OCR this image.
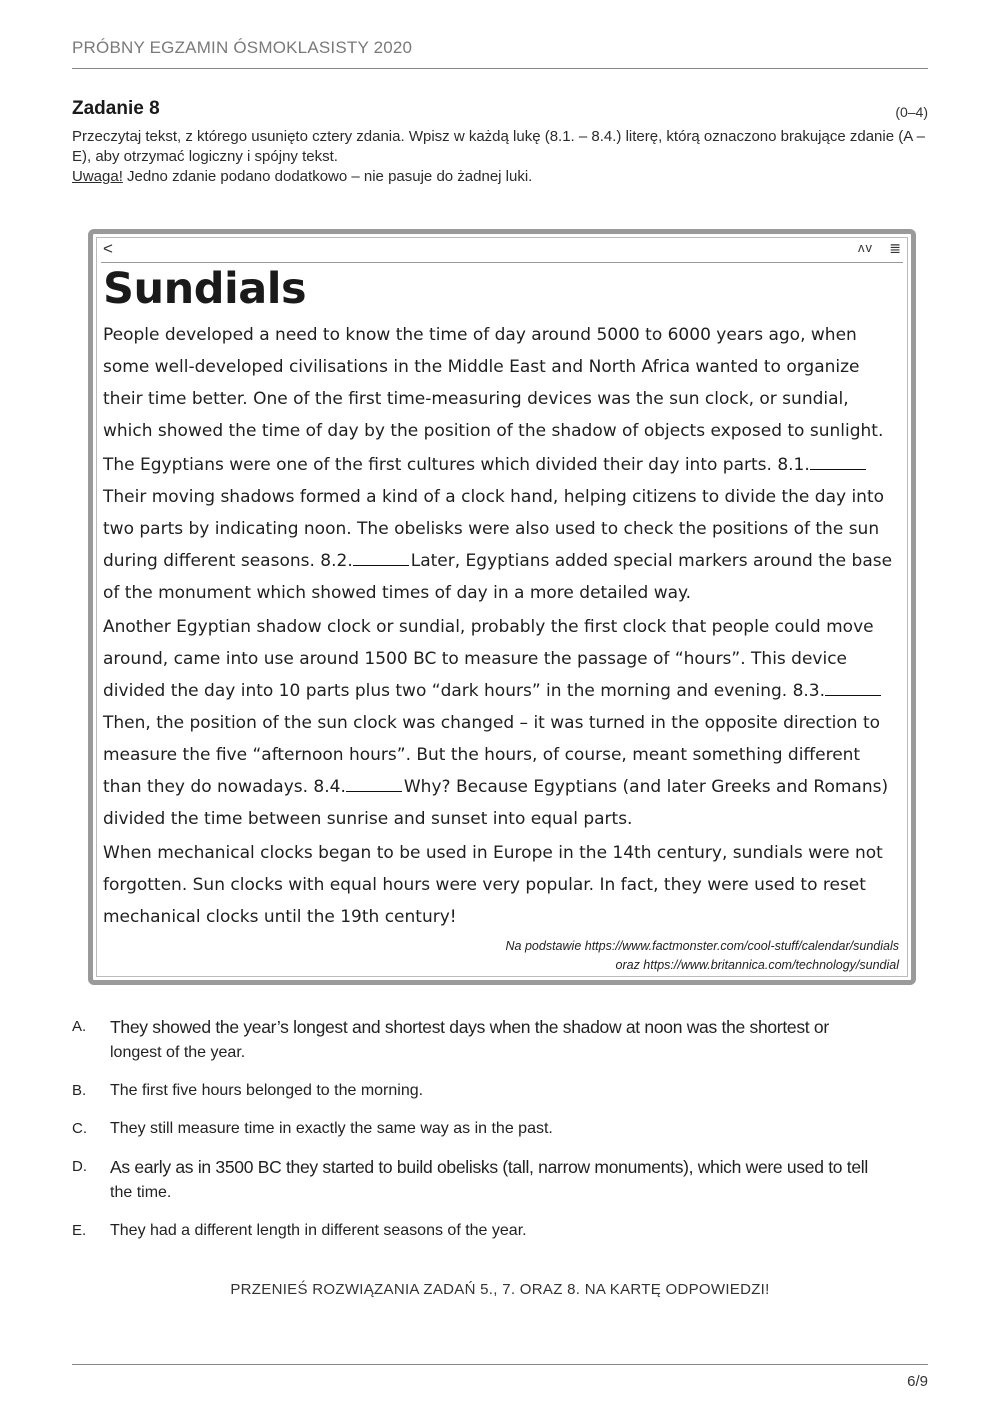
PRÓBNY EGZAMIN ÓSMOKLASISTY 2020
Zadanie 8	(0–4)
Przeczytaj tekst, z którego usunięto cztery zdania. Wpisz w każdą lukę (8.1. – 8.4.) literę, którą oznaczono brakujące zdanie (A – E), aby otrzymać logiczny i spójny tekst.
Uwaga! Jedno zdanie podano dodatkowo – nie pasuje do żadnej luki.
<	ʌv ≣
Sundials

People developed a need to know the time of day around 5000 to 6000 years ago, when some well-developed civilisations in the Middle East and North Africa wanted to organize their time better. One of the first time-measuring devices was the sun clock, or sundial, which showed the time of day by the position of the shadow of objects exposed to sunlight.

The Egyptians were one of the first cultures which divided their day into parts. 8.1.Their moving shadows formed a kind of a clock hand, helping citizens to divide the day into two parts by indicating noon. The obelisks were also used to check the positions of the sun during different seasons. 8.2.	Later, Egyptians added special markers around the base of the monument which showed times of day in a more detailed way.

Another Egyptian shadow clock or sundial, probably the first clock that people could move around, came into use around 1500 BC to measure the passage of “hours”. This device divided the day into 10 parts plus two “dark hours” in the morning and evening. 8.3.Then, the position of the sun clock was changed – it was turned in the opposite direction to measure the five “afternoon hours”. But the hours, of course, meant something different than they do nowadays. 8.4.	Why? Because Egyptians (and later Greeks and Romans) divided the time between sunrise and sunset into equal parts.

When mechanical clocks began to be used in Europe in the 14th century, sundials were not forgotten. Sun clocks with equal hours were very popular. In fact, they were used to reset mechanical clocks until the 19th century!

Na podstawie https://www.factmonster.com/cool-stuff/calendar/sundials
oraz https://www.britannica.com/technology/sundial
A. They showed the year’s longest and shortest days when the shadow at noon was the shortest or
longest of the year.
B. The first five hours belonged to the morning.
C. They still measure time in exactly the same way as in the past.
D. As early as in 3500 BC they started to build obelisks (tall, narrow monuments), which were used to tell
the time.
E. They had a different length in different seasons of the year.
PRZENIEŚ ROZWIĄZANIA ZADAŃ 5., 7. ORAZ 8. NA KARTĘ ODPOWIEDZI!
6/9
